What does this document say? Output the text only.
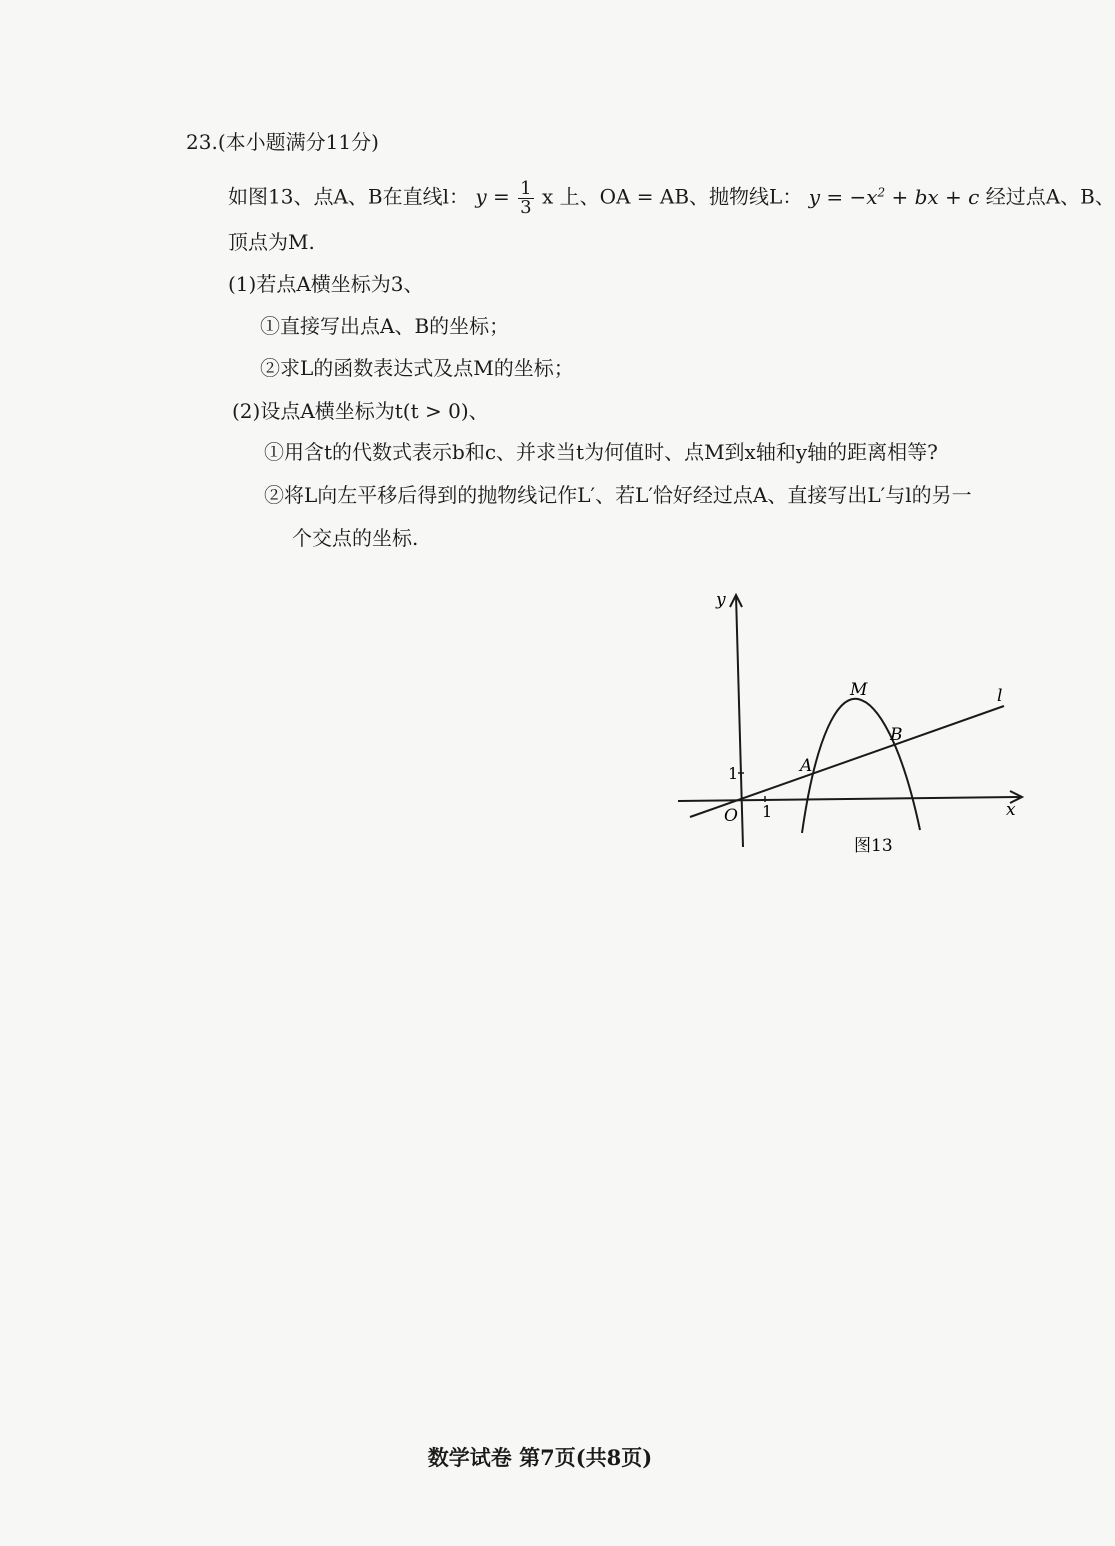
23.(本小题满分11分)
如图13、点A、B在直线l： $y = \frac{1}{3}$ x 上、OA = AB、抛物线L： $y = -x^2$ + bx + c 经过点A、B、
顶点为M.
(1)若点A横坐标为3、
①直接写出点A、B的坐标；
②求L的函数表达式及点M的坐标；
(2)设点A横坐标为t(t > 0)、
①用含t的代数式表示b和c、并求当t为何值时、点M到x轴和y轴的距离相等?
②将L向左平移后得到的抛物线记作L′、若L′恰好经过点A、直接写出L′与l的另一
个交点的坐标.
y
x
O 1
1	A
B
M	l
图13
数学试卷 第7页(共8页)
